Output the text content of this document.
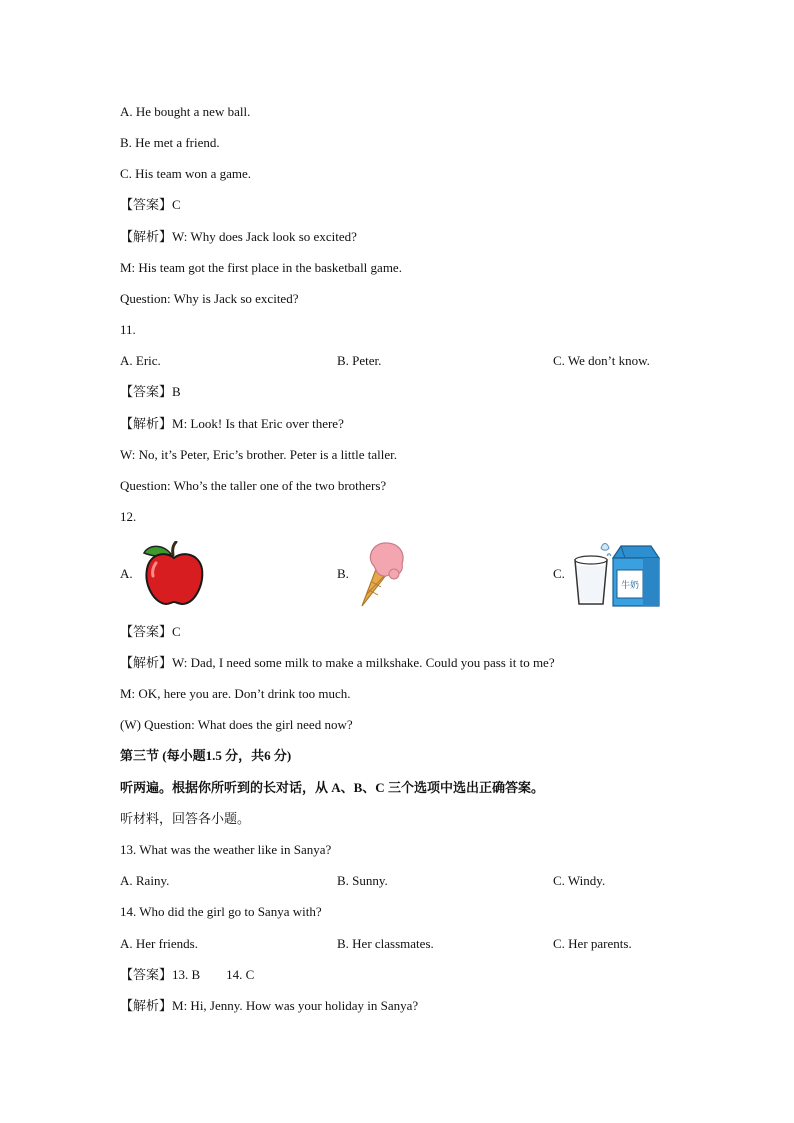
A. He bought a new ball.
B. He met a friend.
C. His team won a game.
【答案】C
【解析】W: Why does Jack look so excited?
M: His team got the first place in the basketball game.
Question: Why is Jack so excited?
11.
A. Eric.	B. Peter.	C. We don’t know.
【答案】B
【解析】M: Look! Is that Eric over there?
W: No, it’s Peter, Eric’s brother. Peter is a little taller.
Question: Who’s the taller one of the two brothers?
12.
A.	B.	C.
牛奶
【答案】C
【解析】W: Dad, I need some milk to make a milkshake. Could you pass it to me?
M: OK, here you are. Don’t drink too much.
(W) Question: What does the girl need now?
第三节 (每小题1.5 分，共6 分)
听两遍。根据你所听到的长对话，从 A、B、C 三个选项中选出正确答案。
听材料，回答各小题。
13. What was the weather like in Sanya?
A. Rainy.	B. Sunny.	C. Windy.
14. Who did the girl go to Sanya with?
A. Her friends.	B. Her classmates.	C. Her parents.
【答案】13. B        14. C
【解析】M: Hi, Jenny. How was your holiday in Sanya?
